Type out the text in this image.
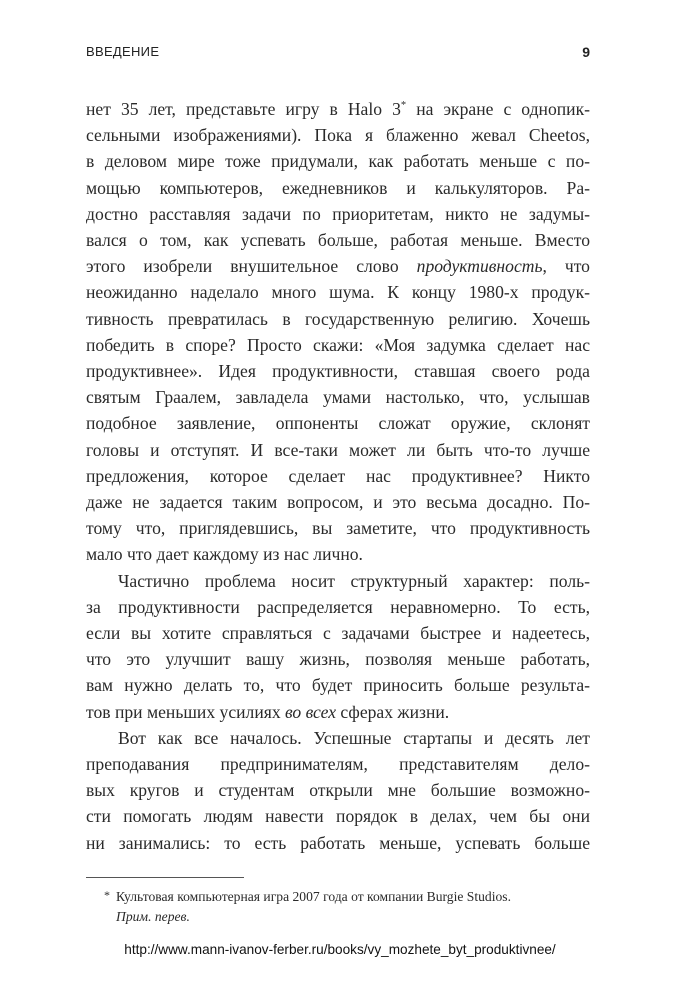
ВВЕДЕНИЕ	9

нет 35 лет, представьте игру в Halo 3* на экране с однопик-

сельными изображениями). Пока я блаженно жевал Cheetos,

в деловом мире тоже придумали, как работать меньше с по-

мощью компьютеров, ежедневников и калькуляторов. Ра-

достно расставляя задачи по приоритетам, никто не задумы-

вался о том, как успевать больше, работая меньше. Вместо

этого изобрели внушительное слово продуктивность, что

неожиданно наделало много шума. К концу 1980-х продук-

тивность превратилась в государственную религию. Хочешь

победить в споре? Просто скажи: «Моя задумка сделает нас

продуктивнее». Идея продуктивности, ставшая своего рода

святым Граалем, завладела умами настолько, что, услышав

подобное заявление, оппоненты сложат оружие, склонят

головы и отступят. И все-таки может ли быть что-то лучше

предложения, которое сделает нас продуктивнее? Никто

даже не задается таким вопросом, и это весьма досадно. По-

тому что, приглядевшись, вы заметите, что продуктивность

мало что дает каждому из нас лично.

Частично проблема носит структурный характер: поль-

за продуктивности распределяется неравномерно. То есть,

если вы хотите справляться с задачами быстрее и надеетесь,

что это улучшит вашу жизнь, позволяя меньше работать,

вам нужно делать то, что будет приносить больше результа-

тов при меньших усилиях во всех сферах жизни.

Вот как все началось. Успешные стартапы и десять лет

преподавания предпринимателям, представителям дело-

вых кругов и студентам открыли мне большие возможно-

сти помогать людям навести порядок в делах, чем бы они

ни занимались: то есть работать меньше, успевать больше

* Культовая компьютерная игра 2007 года от компании Burgie Studios.
Прим. перев.
http://www.mann-ivanov-ferber.ru/books/vy_mozhete_byt_produktivnee/
